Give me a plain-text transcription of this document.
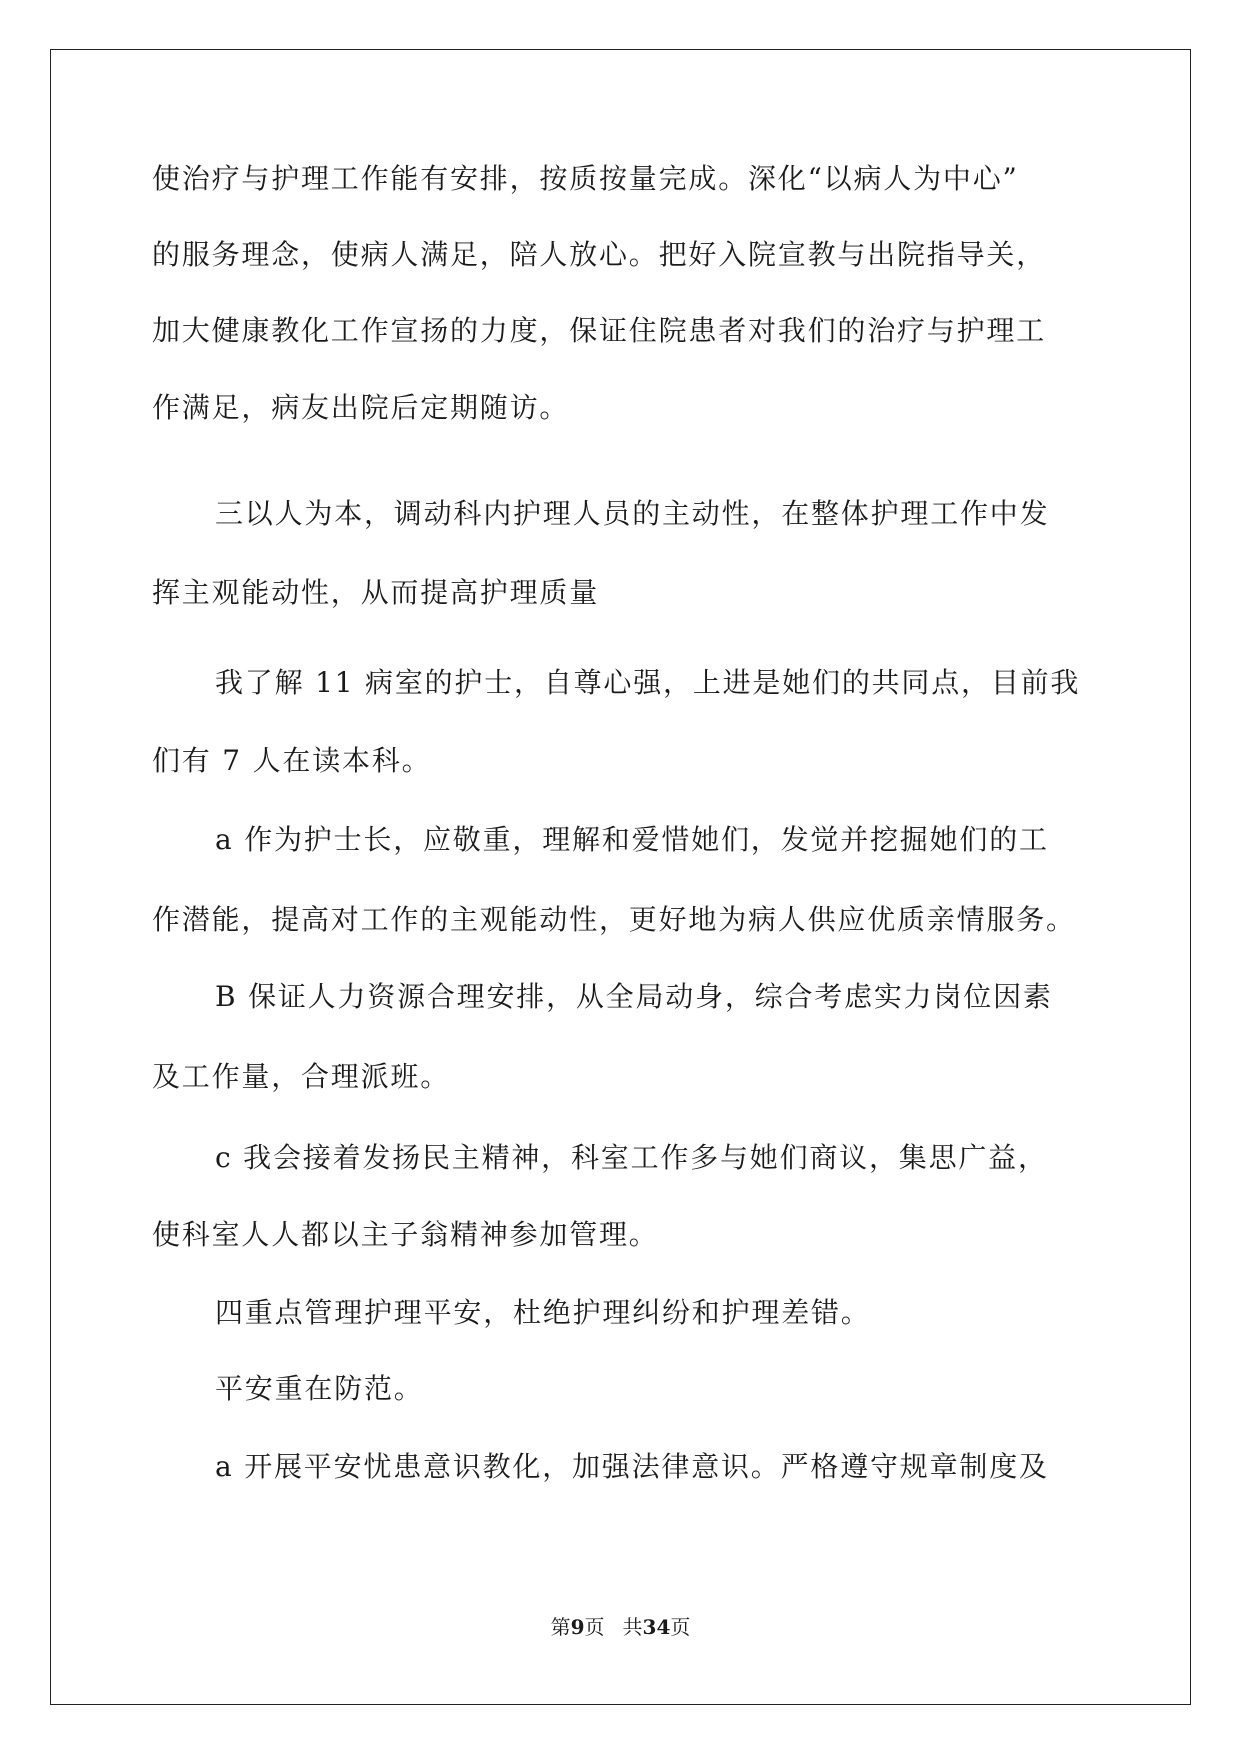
使治疗与护理工作能有安排，按质按量完成。深化“以病人为中心”
的服务理念，使病人满足，陪人放心。把好入院宣教与出院指导关，
加大健康教化工作宣扬的力度，保证住院患者对我们的治疗与护理工
作满足，病友出院后定期随访。
三以人为本，调动科内护理人员的主动性，在整体护理工作中发
挥主观能动性，从而提高护理质量
我了解 11 病室的护士，自尊心强，上进是她们的共同点，目前我
们有 7 人在读本科。
a 作为护士长，应敬重，理解和爱惜她们，发觉并挖掘她们的工
作潜能，提高对工作的主观能动性，更好地为病人供应优质亲情服务。
B 保证人力资源合理安排，从全局动身，综合考虑实力岗位因素
及工作量，合理派班。
c 我会接着发扬民主精神，科室工作多与她们商议，集思广益，
使科室人人都以主子翁精神参加管理。
四重点管理护理平安，杜绝护理纠纷和护理差错。
平安重在防范。
a 开展平安忧患意识教化，加强法律意识。严格遵守规章制度及
第9页 共34页
